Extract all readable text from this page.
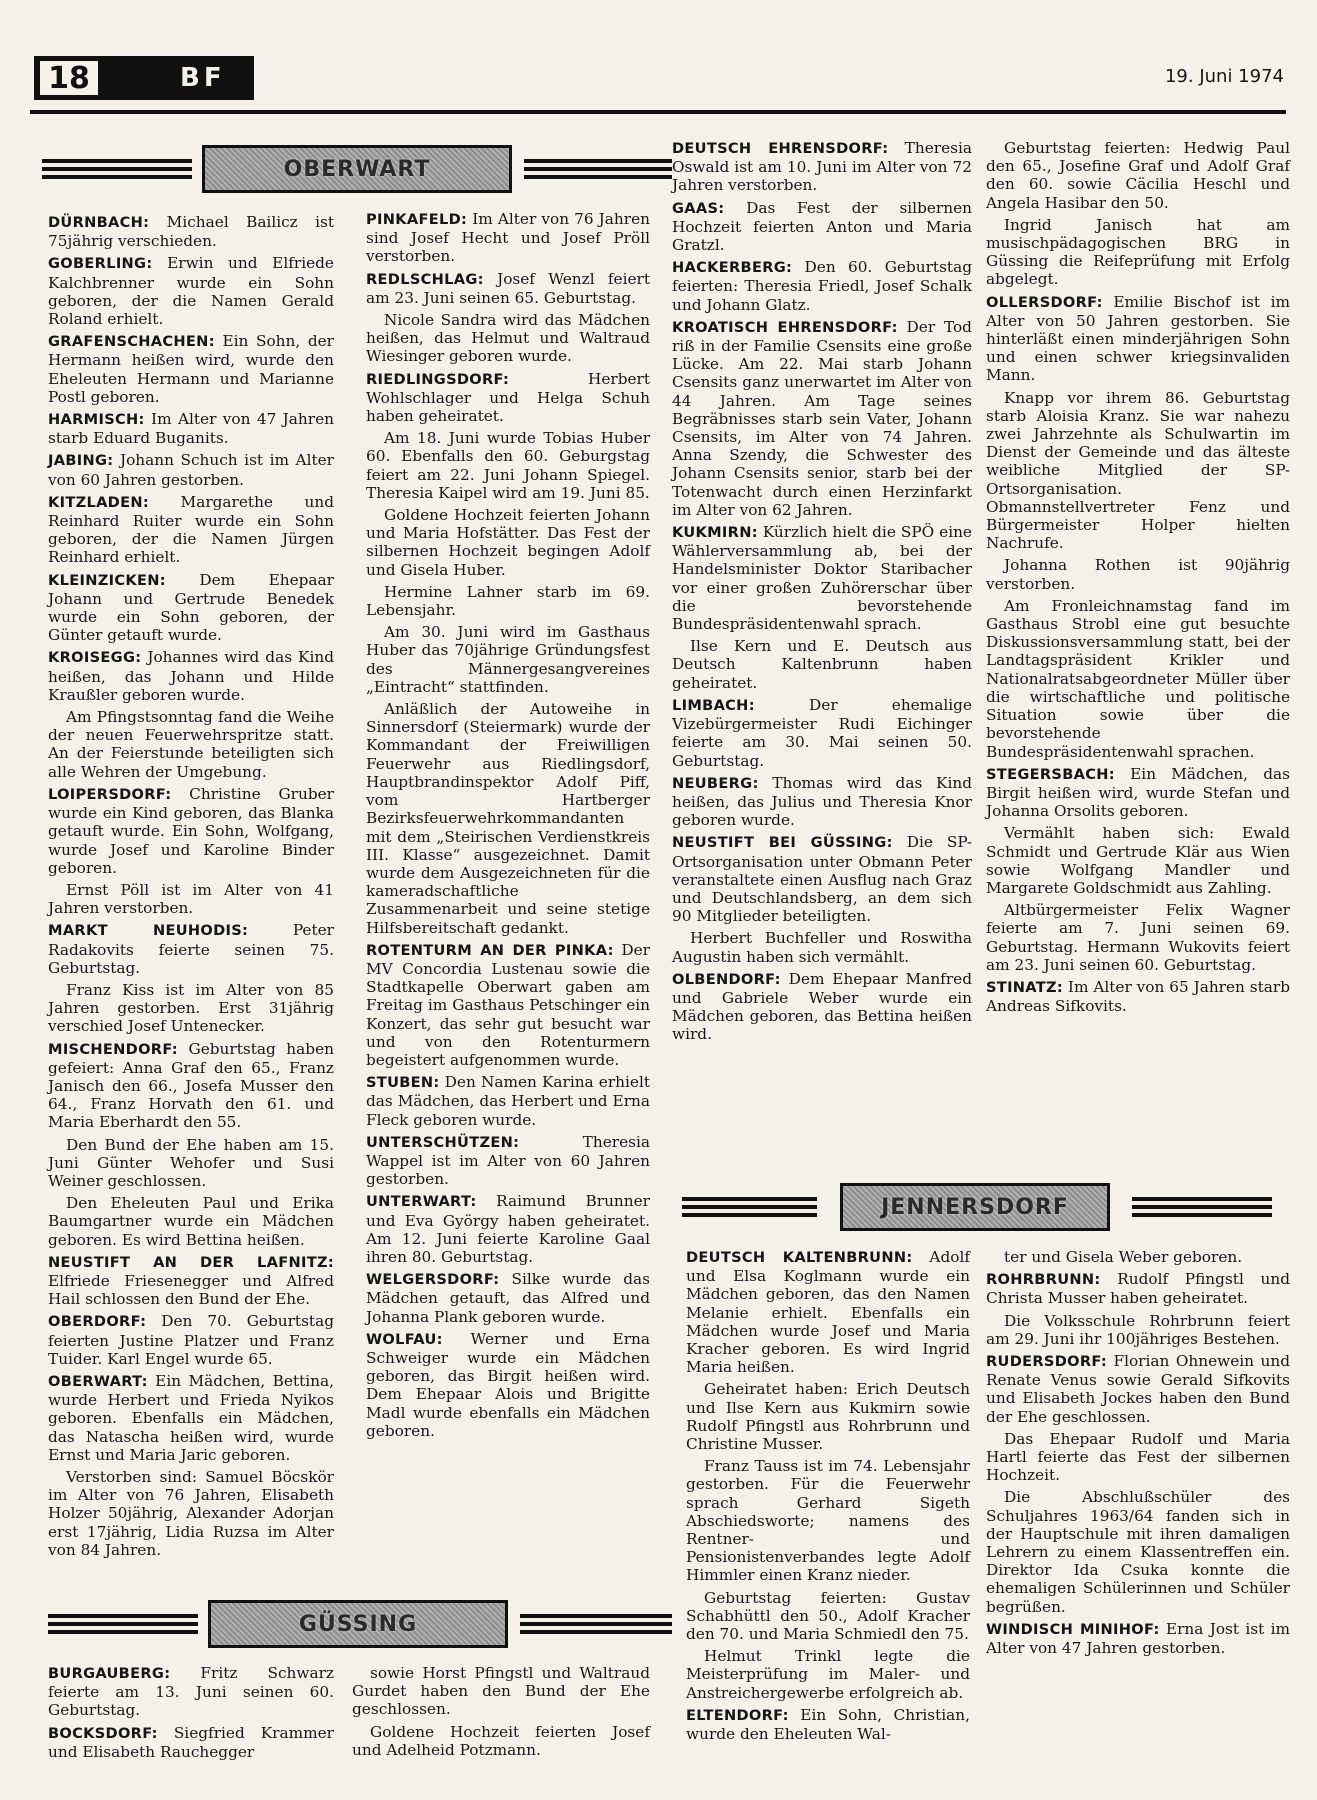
18	BF	19. Juni 1974
OBERWART
GÜSSING
JENNERSDORF

DÜRNBACH: Michael Bailicz ist 75jährig verschieden.

GOBERLING: Erwin und Elfriede Kalchbrenner wurde ein Sohn geboren, der die Namen Gerald Roland erhielt.

GRAFENSCHACHEN: Ein Sohn, der Hermann heißen wird, wurde den Eheleuten Hermann und Marianne Postl geboren.

HARMISCH: Im Alter von 47 Jahren starb Eduard Buganits.

JABING: Johann Schuch ist im Alter von 60 Jahren gestorben.

KITZLADEN: Margarethe und Reinhard Ruiter wurde ein Sohn geboren, der die Namen Jürgen Reinhard erhielt.

KLEINZICKEN: Dem Ehepaar Johann und Gertrude Benedek wurde ein Sohn geboren, der Günter getauft wurde.

KROISEGG: Johannes wird das Kind heißen, das Johann und Hilde Kraußler geboren wurde.

Am Pfingstsonntag fand die Weihe der neuen Feuerwehrspritze statt. An der Feierstunde beteiligten sich alle Wehren der Umgebung.

LOIPERSDORF: Christine Gruber wurde ein Kind geboren, das Blanka getauft wurde. Ein Sohn, Wolfgang, wurde Josef und Karoline Binder geboren.

Ernst Pöll ist im Alter von 41 Jahren verstorben.

MARKT NEUHODIS:	Peter Radakovits feierte seinen 75. Geburtstag.

Franz Kiss ist im Alter von 85 Jahren gestorben. Erst 31jährig verschied Josef Untenecker.

MISCHENDORF: Geburtstag haben gefeiert: Anna Graf den 65., Franz Janisch den 66., Josefa Musser den 64., Franz Horvath den 61. und Maria Eberhardt den 55.

Den Bund der Ehe haben am 15. Juni Günter Wehofer und Susi Weiner geschlossen.

Den Eheleuten Paul und Erika Baumgartner wurde ein Mädchen geboren. Es wird Bettina heißen.

NEUSTIFT AN DER LAFNITZ: Elfriede Friesenegger und Alfred Hail schlossen den Bund der Ehe.

OBERDORF: Den 70. Geburtstag feierten Justine Platzer und Franz Tuider. Karl Engel wurde 65.

OBERWART: Ein Mädchen, Bettina, wurde Herbert und Frieda Nyikos geboren. Ebenfalls ein Mädchen, das Natascha heißen wird, wurde Ernst und Maria Jaric geboren.

Verstorben sind: Samuel Böcskör im Alter von 76 Jahren, Elisabeth Holzer 50jährig, Alexander Adorjan erst 17jährig, Lidia Ruzsa im Alter von 84 Jahren.

PINKAFELD: Im Alter von 76 Jahren sind Josef Hecht und Josef Pröll verstorben.

REDLSCHLAG: Josef Wenzl feiert am 23. Juni seinen 65. Geburtstag.

Nicole Sandra wird das Mädchen heißen, das Helmut und Waltraud Wiesinger geboren wurde.

RIEDLINGSDORF:	Herbert Wohlschlager und Helga Schuh haben geheiratet.

Am 18. Juni wurde Tobias Huber 60. Ebenfalls den 60. Geburgstag feiert am 22. Juni Johann Spiegel. Theresia Kaipel wird am 19. Juni 85.

Goldene Hochzeit feierten Johann und Maria Hofstätter. Das Fest der silbernen Hochzeit begingen Adolf und Gisela Huber.

Hermine Lahner starb im 69. Lebensjahr.

Am 30. Juni wird im Gasthaus Huber das 70jährige Gründungsfest des Männergesangvereines „Eintracht“ stattfinden.

Anläßlich der Autoweihe in Sinnersdorf (Steiermark) wurde der Kommandant der Freiwilligen Feuerwehr aus Riedlingsdorf, Hauptbrandinspektor Adolf Piff, vom Hartberger Bezirksfeuerwehrkommandanten mit dem „Steirischen Verdienstkreis III. Klasse“ ausgezeichnet. Damit wurde dem Ausgezeichneten für die kameradschaftliche Zusammenarbeit und seine stetige Hilfsbereitschaft gedankt.

ROTENTURM AN DER PINKA: Der MV Concordia Lustenau sowie die Stadtkapelle Oberwart gaben am Freitag im Gasthaus Petschinger ein Konzert, das sehr gut besucht war und von den Rotenturmern begeistert aufgenommen wurde.

STUBEN: Den Namen Karina erhielt das Mädchen, das Herbert und Erna Fleck geboren wurde.

UNTERSCHÜTZEN:	Theresia Wappel ist im Alter von 60 Jahren gestorben.

UNTERWART: Raimund Brunner und Eva György haben geheiratet. Am 12. Juni feierte Karoline Gaal ihren 80. Geburtstag.

WELGERSDORF: Silke wurde das Mädchen getauft, das Alfred und Johanna Plank geboren wurde.

WOLFAU: Werner und Erna Schweiger wurde ein Mädchen geboren, das Birgit heißen wird. Dem Ehepaar Alois und Brigitte Madl wurde ebenfalls ein Mädchen geboren.

DEUTSCH EHRENSDORF: Theresia Oswald ist am 10. Juni im Alter von 72 Jahren verstorben.

GAAS: Das Fest der silbernen Hochzeit feierten Anton und Maria Gratzl.

HACKERBERG: Den 60. Geburtstag feierten: Theresia Friedl, Josef Schalk und Johann Glatz.

KROATISCH EHRENSDORF: Der Tod riß in der Familie Csensits eine große Lücke. Am 22. Mai starb Johann Csensits ganz unerwartet im Alter von 44 Jahren. Am Tage seines Begräbnisses starb sein Vater, Johann Csensits, im Alter von 74 Jahren. Anna Szendy, die Schwester des Johann Csensits senior, starb bei der Totenwacht durch einen Herzinfarkt im Alter von 62 Jahren.

KUKMIRN: Kürzlich hielt die SPÖ eine Wählerversammlung ab, bei der Handelsminister Doktor Staribacher vor einer großen Zuhörerschar über die bevorstehende Bundespräsidentenwahl sprach.

Ilse Kern und E. Deutsch aus Deutsch Kaltenbrunn haben geheiratet.

LIMBACH:	Der ehemalige Vizebürgermeister Rudi Eichinger feierte am 30. Mai seinen 50. Geburtstag.

NEUBERG: Thomas wird das Kind heißen, das Julius und Theresia Knor geboren wurde.

NEUSTIFT BEI GÜSSING: Die SP-Ortsorganisation unter Obmann Peter veranstaltete einen Ausflug nach Graz und Deutschlandsberg, an dem sich 90 Mitglieder beteiligten.

Herbert Buchfeller und Roswitha Augustin haben sich vermählt.

OLBENDORF: Dem Ehepaar Manfred und Gabriele Weber wurde ein Mädchen geboren, das Bettina heißen wird.

Geburtstag feierten: Hedwig Paul den 65., Josefine Graf und Adolf Graf den 60. sowie Cäcilia Heschl und Angela Hasibar den 50.

Ingrid Janisch hat am musischpädagogischen BRG in Güssing die Reifeprüfung mit Erfolg abgelegt.

OLLERSDORF: Emilie Bischof ist im Alter von 50 Jahren gestorben. Sie hinterläßt einen minderjährigen Sohn und einen schwer kriegsinvaliden Mann.

Knapp vor ihrem 86. Geburtstag starb Aloisia Kranz. Sie war nahezu zwei Jahrzehnte als Schulwartin im Dienst der Gemeinde und das älteste weibliche Mitglied der SP-Ortsorganisation. Obmannstellvertreter Fenz und Bürgermeister Holper hielten Nachrufe.

Johanna Rothen ist 90jährig verstorben.

Am Fronleichnamstag fand im Gasthaus Strobl eine gut besuchte Diskussionsversammlung statt, bei der Landtagspräsident Krikler und Nationalratsabgeordneter Müller über die wirtschaftliche und politische Situation sowie über die bevorstehende Bundespräsidentenwahl sprachen.

STEGERSBACH: Ein Mädchen, das Birgit heißen wird, wurde Stefan und Johanna Orsolits geboren.

Vermählt haben sich: Ewald Schmidt und Gertrude Klär aus Wien sowie Wolfgang Mandler und Margarete Goldschmidt aus Zahling.

Altbürgermeister Felix Wagner feierte am 7. Juni seinen 69. Geburtstag. Hermann Wukovits feiert am 23. Juni seinen 60. Geburtstag.

STINATZ: Im Alter von 65 Jahren starb Andreas Sifkovits.

BURGAUBERG: Fritz Schwarz feierte am 13. Juni seinen 60. Geburtstag.

BOCKSDORF: Siegfried Krammer und Elisabeth Rauchegger

sowie Horst Pfingstl und Waltraud Gurdet haben den Bund der Ehe geschlossen.

Goldene Hochzeit feierten Josef und Adelheid Potzmann.

DEUTSCH KALTENBRUNN: Adolf und Elsa Koglmann wurde ein Mädchen geboren, das den Namen Melanie erhielt. Ebenfalls ein Mädchen wurde Josef und Maria Kracher geboren. Es wird Ingrid Maria heißen.

Geheiratet haben: Erich Deutsch und Ilse Kern aus Kukmirn sowie Rudolf Pfingstl aus Rohrbrunn und Christine Musser.

Franz Tauss ist im 74. Lebensjahr gestorben. Für die Feuerwehr sprach Gerhard Sigeth Abschiedsworte; namens des Rentner- und Pensionistenverbandes legte Adolf Himmler einen Kranz nieder.

Geburtstag feierten: Gustav Schabhüttl den 50., Adolf Kracher den 70. und Maria Schmiedl den 75.

Helmut Trinkl legte die Meisterprüfung im Maler- und Anstreichergewerbe erfolgreich ab.

ELTENDORF: Ein Sohn, Christian, wurde den Eheleuten Wal-

ter und Gisela Weber geboren.

ROHRBRUNN: Rudolf Pfingstl und Christa Musser haben geheiratet.

Die Volksschule Rohrbrunn feiert am 29. Juni ihr 100jähriges Bestehen.

RUDERSDORF: Florian Ohnewein und Renate Venus sowie Gerald Sifkovits und Elisabeth Jockes haben den Bund der Ehe geschlossen.

Das Ehepaar Rudolf und Maria Hartl feierte das Fest der silbernen Hochzeit.

Die Abschlußschüler des Schuljahres 1963/64 fanden sich in der Hauptschule mit ihren damaligen Lehrern zu einem Klassentreffen ein. Direktor Ida Csuka konnte die ehemaligen Schülerinnen und Schüler begrüßen.

WINDISCH MINIHOF: Erna Jost ist im Alter von 47 Jahren gestorben.
